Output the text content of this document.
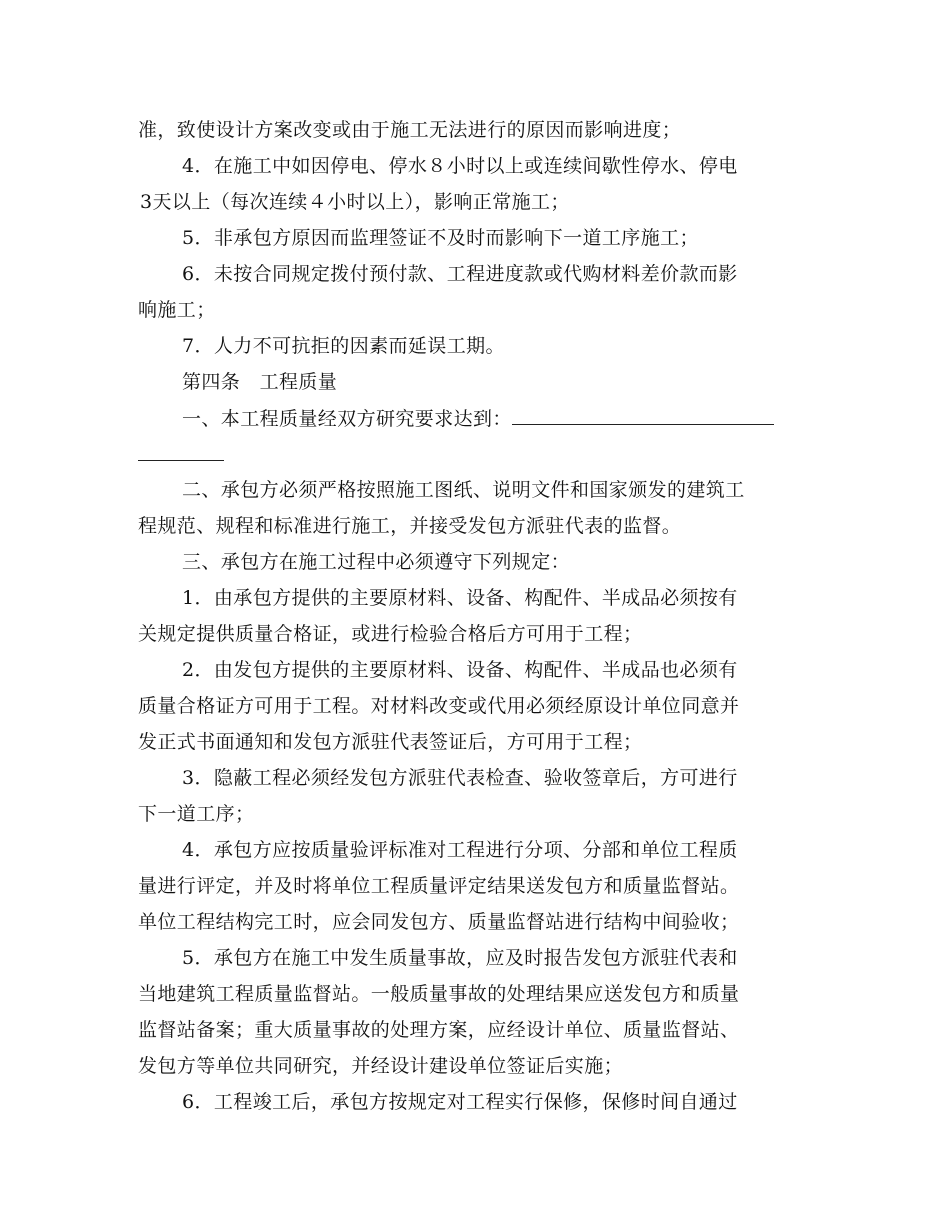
准，致使设计方案改变或由于施工无法进行的原因而影响进度；
4．在施工中如因停电、停水８小时以上或连续间歇性停水、停电
3天以上（每次连续４小时以上），影响正常施工；
5．非承包方原因而监理签证不及时而影响下一道工序施工；
6．未按合同规定拨付预付款、工程进度款或代购材料差价款而影
响施工；
7．人力不可抗拒的因素而延误工期。
第四条　工程质量
一、本工程质量经双方研究要求达到：
二、承包方必须严格按照施工图纸、说明文件和国家颁发的建筑工
程规范、规程和标准进行施工，并接受发包方派驻代表的监督。
三、承包方在施工过程中必须遵守下列规定：
1．由承包方提供的主要原材料、设备、构配件、半成品必须按有
关规定提供质量合格证，或进行检验合格后方可用于工程；
2．由发包方提供的主要原材料、设备、构配件、半成品也必须有
质量合格证方可用于工程。对材料改变或代用必须经原设计单位同意并
发正式书面通知和发包方派驻代表签证后，方可用于工程；
3．隐蔽工程必须经发包方派驻代表检查、验收签章后，方可进行
下一道工序；
4．承包方应按质量验评标准对工程进行分项、分部和单位工程质
量进行评定，并及时将单位工程质量评定结果送发包方和质量监督站。
单位工程结构完工时，应会同发包方、质量监督站进行结构中间验收；
5．承包方在施工中发生质量事故，应及时报告发包方派驻代表和
当地建筑工程质量监督站。一般质量事故的处理结果应送发包方和质量
监督站备案；重大质量事故的处理方案，应经设计单位、质量监督站、
发包方等单位共同研究，并经设计建设单位签证后实施；
6．工程竣工后，承包方按规定对工程实行保修，保修时间自通过
